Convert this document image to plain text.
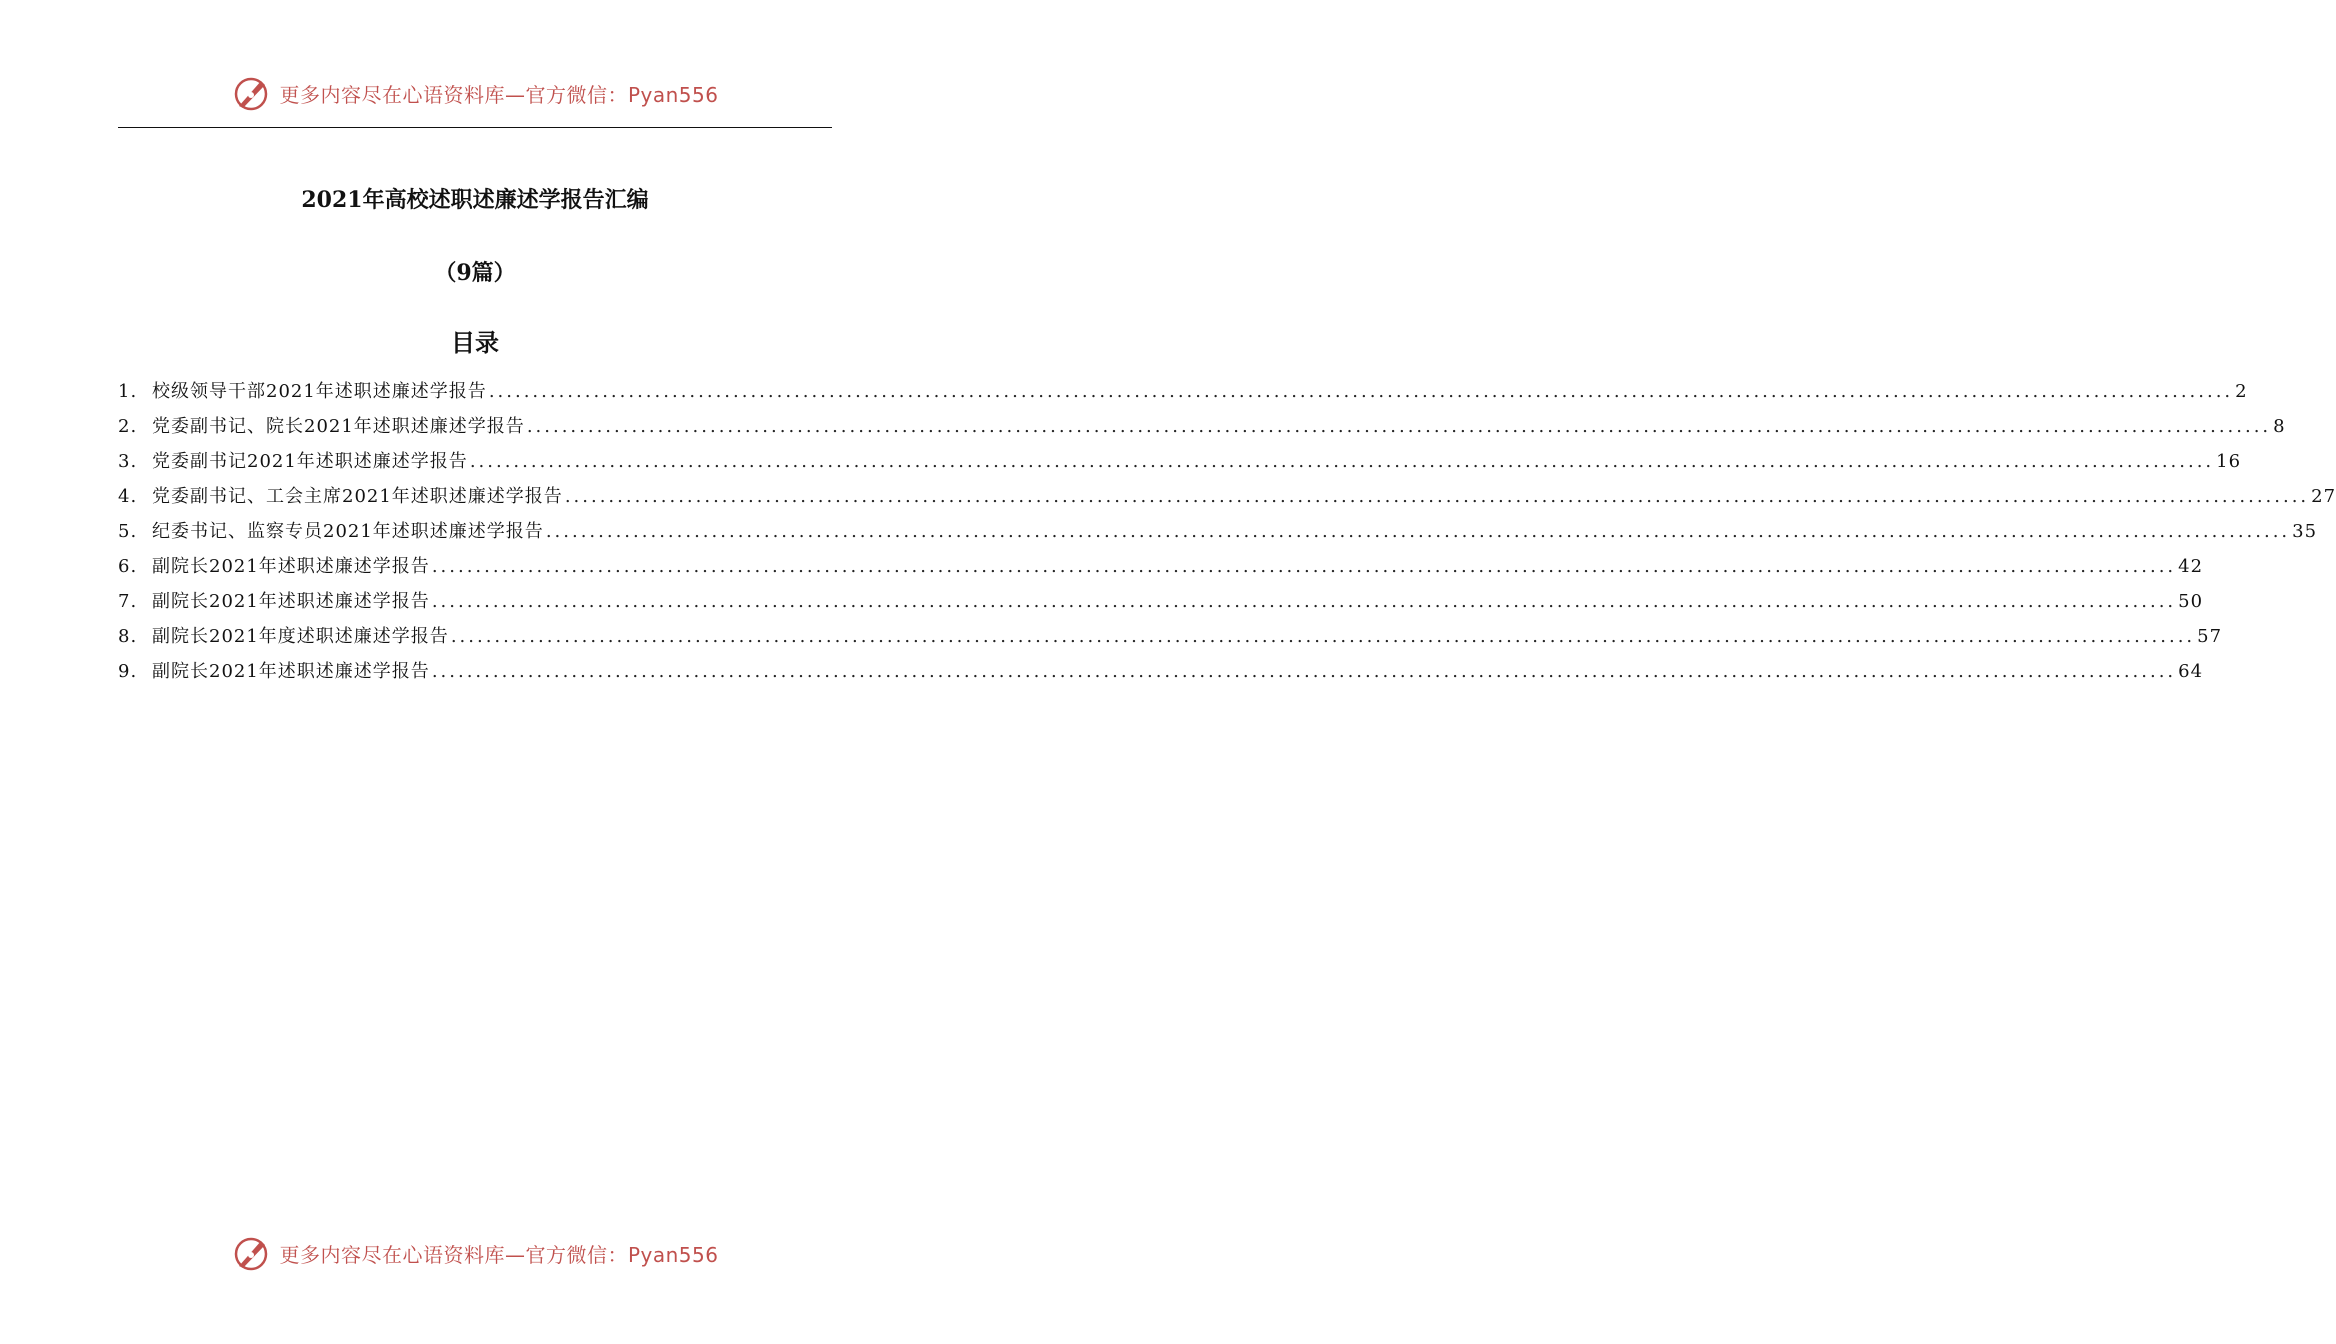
更多内容尽在心语资料库—官方微信：Pyan556
2021年高校述职述廉述学报告汇编
（9篇）
目录
1. 校级领导干部2021年述职述廉述学报告 ........................................................................................................................................................................................................ 2
2. 党委副书记、院长2021年述职述廉述学报告 ........................................................................................................................................................................................................ 8
3. 党委副书记2021年述职述廉述学报告 ........................................................................................................................................................................................................ 16
4. 党委副书记、工会主席2021年述职述廉述学报告 ........................................................................................................................................................................................................ 27
5. 纪委书记、监察专员2021年述职述廉述学报告 ........................................................................................................................................................................................................ 35
6. 副院长2021年述职述廉述学报告 ........................................................................................................................................................................................................ 42
7. 副院长2021年述职述廉述学报告 ........................................................................................................................................................................................................ 50
8. 副院长2021年度述职述廉述学报告 ........................................................................................................................................................................................................ 57
9. 副院长2021年述职述廉述学报告 ........................................................................................................................................................................................................ 64
更多内容尽在心语资料库—官方微信：Pyan556
